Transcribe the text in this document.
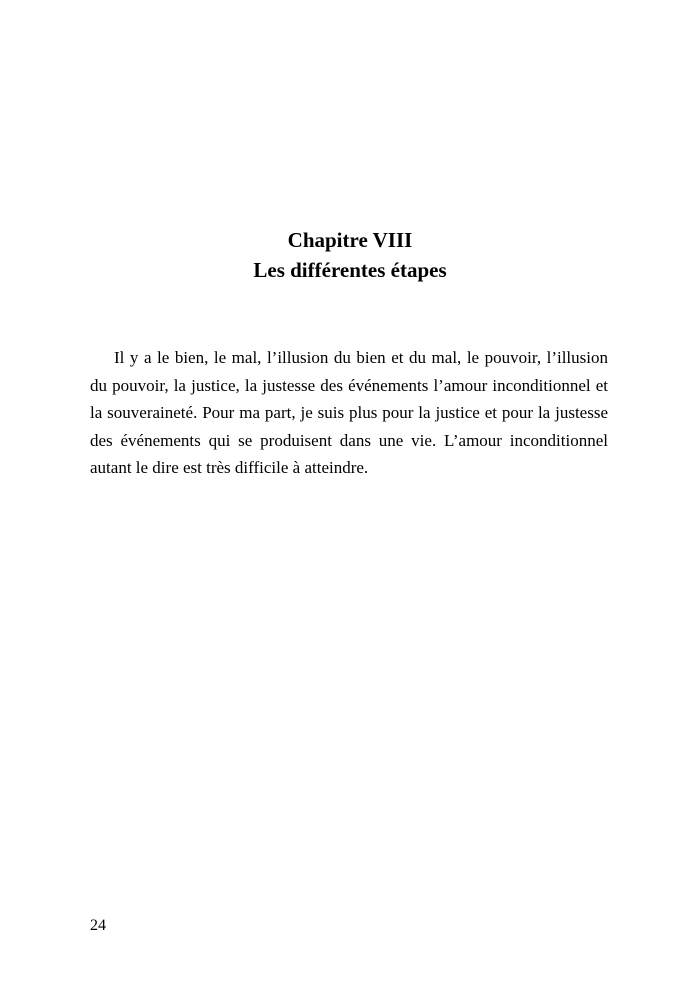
Chapitre VIII
Les différentes étapes

Il y a le bien, le mal, l’illusion du bien et du mal, le pouvoir, l’illusion du pouvoir, la justice, la justesse des événements l’amour inconditionnel et la souveraineté. Pour ma part, je suis plus pour la justice et pour la justesse des événements qui se produisent dans une vie. L’amour inconditionnel autant le dire est très difficile à atteindre.

24
